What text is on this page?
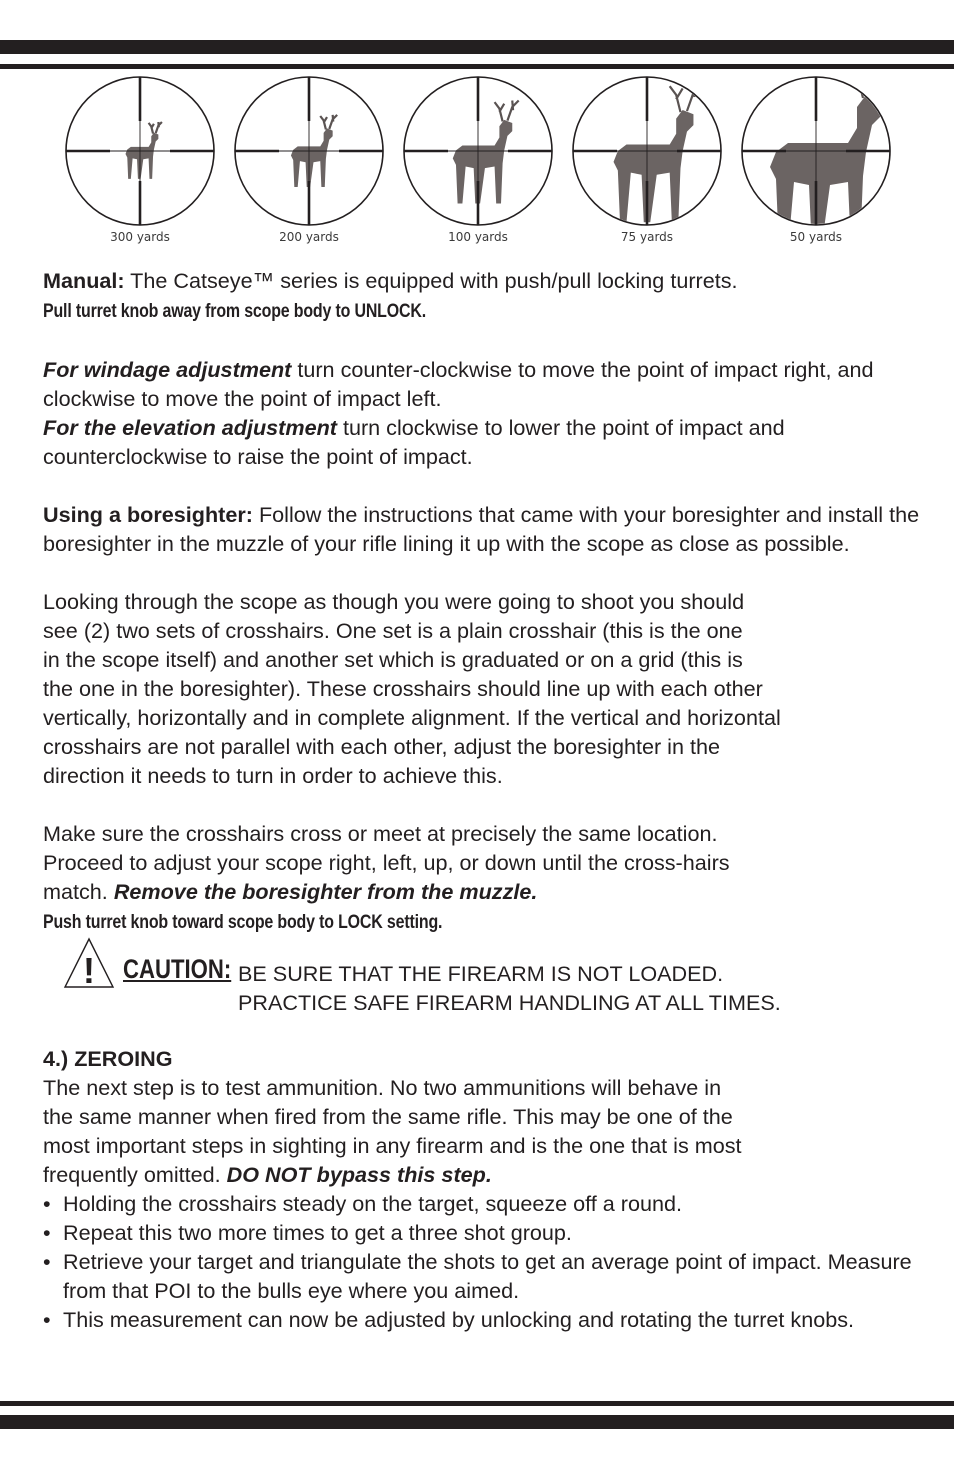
300 yards	200 yards	100 yards	75 yards	50 yards

Manual: The Catseye™ series is equipped with push/pull locking turrets.

Pull turret knob away from scope body to UNLOCK.

For windage adjustment turn counter-clockwise to move the point of impact right, and clockwise to move the point of impact left.

For the elevation adjustment turn clockwise to lower the point of impact and counterclockwise to raise the point of impact.

Using a boresighter: Follow the instructions that came with your boresighter and install the boresighter in the muzzle of your rifle lining it up with the scope as close as possible.

Looking through the scope as though you were going to shoot you should
see (2) two sets of crosshairs. One set is a plain crosshair (this is the one
in the scope itself) and another set which is graduated or on a grid (this is
the one in the boresighter). These crosshairs should line up with each other
vertically, horizontally and in complete alignment. If the vertical and horizontal
crosshairs are not parallel with each other, adjust the boresighter in the
direction it needs to turn in order to achieve this.

Make sure the crosshairs cross or meet at precisely the same location.
Proceed to adjust your scope right, left, up, or down until the cross-hairs
match. Remove the boresighter from the muzzle.

Push turret knob toward scope body to LOCK setting.

! CAUTION: BE SURE THAT THE FIREARM IS NOT LOADED.
PRACTICE SAFE FIREARM HANDLING AT ALL TIMES.

4.) ZEROING

The next step is to test ammunition. No two ammunitions will behave in
the same manner when fired from the same rifle. This may be one of the
most important steps in sighting in any firearm and is the one that is most
frequently omitted. DO NOT bypass this step.

• Holding the crosshairs steady on the target, squeeze off a round.

• Repeat this two more times to get a three shot group.

• Retrieve your target and triangulate the shots to get an average point of impact. Measure from that POI to the bulls eye where you aimed.

• This measurement can now be adjusted by unlocking and rotating the turret knobs.
